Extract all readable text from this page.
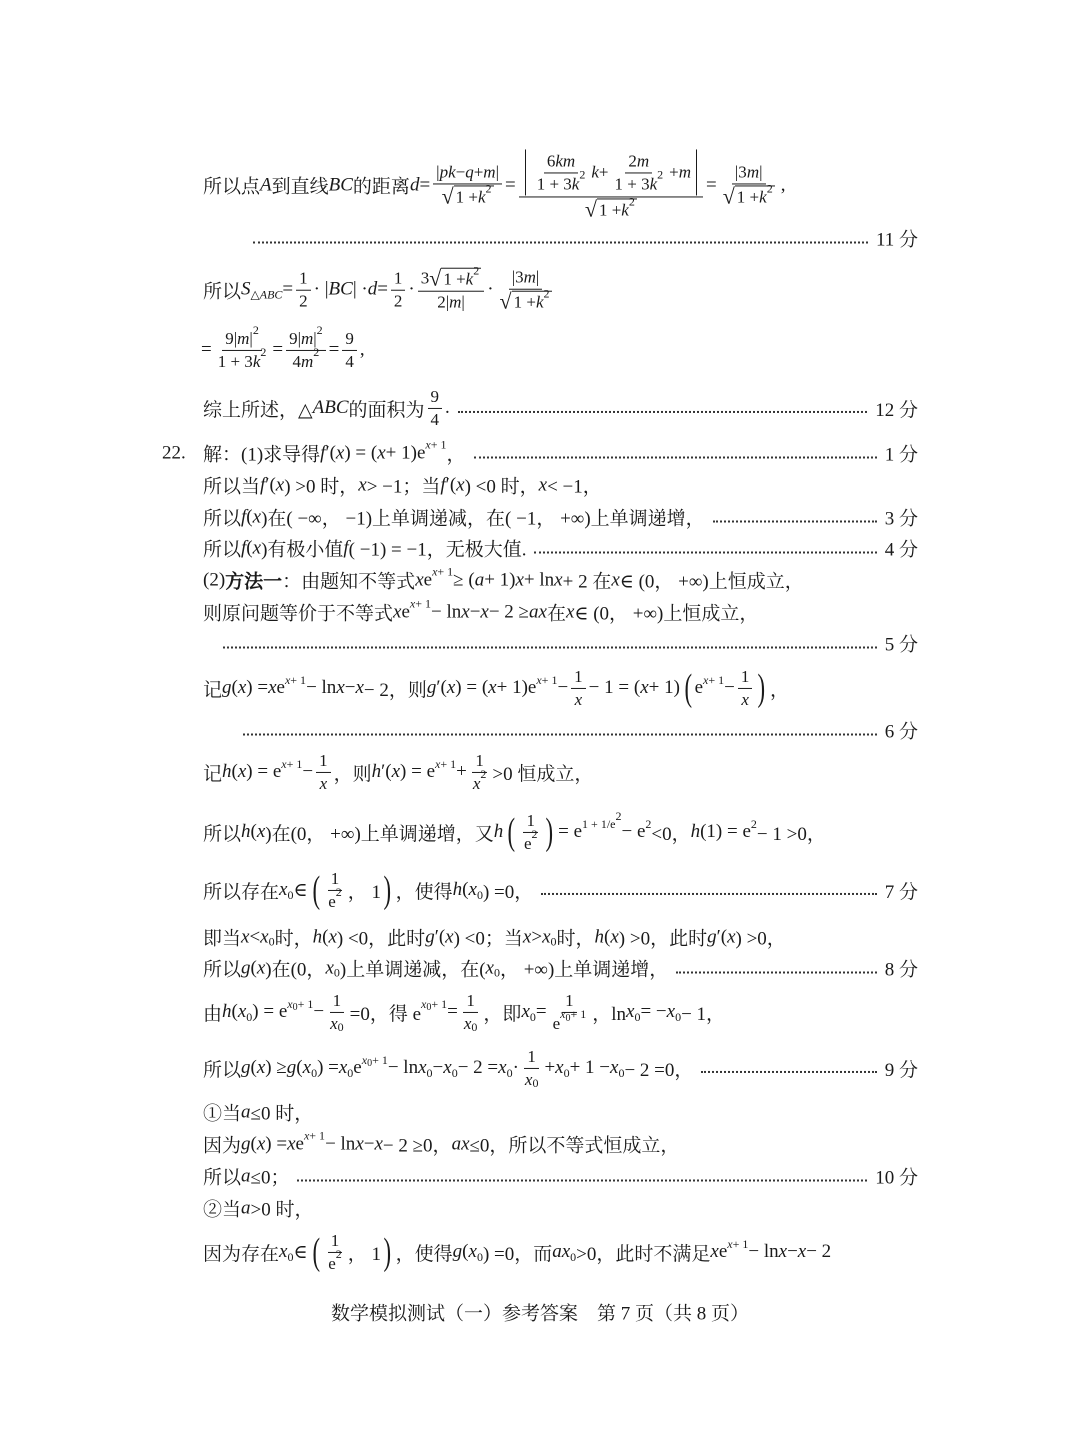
所以点 A 到直线 BC 的距离 $d = \frac{| pk - q + m |}{√ 1 + k 2} = \frac{\frac{6 km}{1 + 3 k 2} k + \frac{2 m}{1 + 3 k 2} + m}{√ 1 + k 2} = \frac{|3 m |}{√ 1 + k 2}$ ,
11 分
所以 S △ ABC = $\frac{1}{2}$ · | BC | · $d = \frac{1}{2} \cdot \frac{3 √ 1 + k 2}{2| m |} \cdot \frac{|3 m |}{√ 1 + k 2}$
= $\frac{9| m | 2}{1 + 3 k 2} = \frac{9| m | 2}{4 m 2} = \frac{9}{4}$ ,
综上所述，△ ABC 的面积为 $\frac{9}{4}$ .	12 分
22. 解：(1)求导得 f ′( x ) = ( x + 1)e x + 1 ，	1 分
所以当 f ′( x ) >0 时， x > −1；当 f ′( x ) <0 时， x < −1，
所以 f ( x )在( −∞， −1)上单调递减，在( −1， +∞)上单调递增，	3 分
所以 f ( x )有极小值 f ( −1) = −1，无极大值.	4 分
(2) 方法一 ：由题知不等式 x e x + 1 ≥ ( a + 1) x + ln x + 2 在 x ∈ (0， +∞)上恒成立，
则原问题等价于不等式 x e x + 1 − ln x − x − 2 ≥ ax 在 x ∈ (0， +∞)上恒成立，
5 分
记 g ( x ) = x e x + 1 − ln x − x − 2，则 g ′( x ) = ( x + 1)e $x + 1 - \frac{1}{x} - 1$ = ( x + 1) ( e $x + 1 - \frac{1}{x}$ ) ，
6 分
记 h ( x ) = e $x + 1 - \frac{1}{x}$ ，则 h ′( x ) = e $x + 1 + \frac{1}{x 2} >0$ 恒成立，
所以 h ( x )在(0， +∞)上单调递增，又 h ( $\frac{1}{e 2}$ ) = e 1 + 1/e
2
− e 2 <0， h (1) = e 2 − 1 >0，
所以存在 x 0 ∈ ( $\frac{1}{e 2}$ ， 1 ) ，使得 h ( x 0 ) =0，	7 分
即当 x < x 0 时， h ( x ) <0，此时 g ′( x ) <0；当 x > x 0 时， h ( x ) >0，此时 g ′( x ) >0，
所以 g ( x )在(0， x 0 )上单调递减，在( x 0 ， +∞)上单调递增，	8 分
由 h ( x 0 ) = e x $0 + 1 - \frac{1}{x 0} =0$，得 e x $0 + 1 = \frac{1}{x 0}$ ，即 x $0 = \frac{1}{\text{e x 0 + 1}}$ ，ln x 0 = − x 0 − 1，
所以 g ( x ) ≥ g ( x 0 ) = x 0 e x 0 + 1 − ln x 0 − x 0 − 2 = x $0 \cdot \frac{1}{x 0} + x$ 0 + 1 − x 0 − 2 =0，	9 分
①当 a ≤0 时，
因为 g ( x ) = x e x + 1 − ln x − x − 2 ≥0， ax ≤0，所以不等式恒成立，
所以 a ≤0；	10 分
②当 a >0 时，
因为存在 x 0 ∈ ( $\frac{1}{e 2}$ ， 1 ) ，使得 g ( x 0 ) =0，而 ax 0 >0，此时不满足 x e x + 1 − ln x − x − 2
数学模拟测试（一）参考答案　第 7 页（共 8 页）
